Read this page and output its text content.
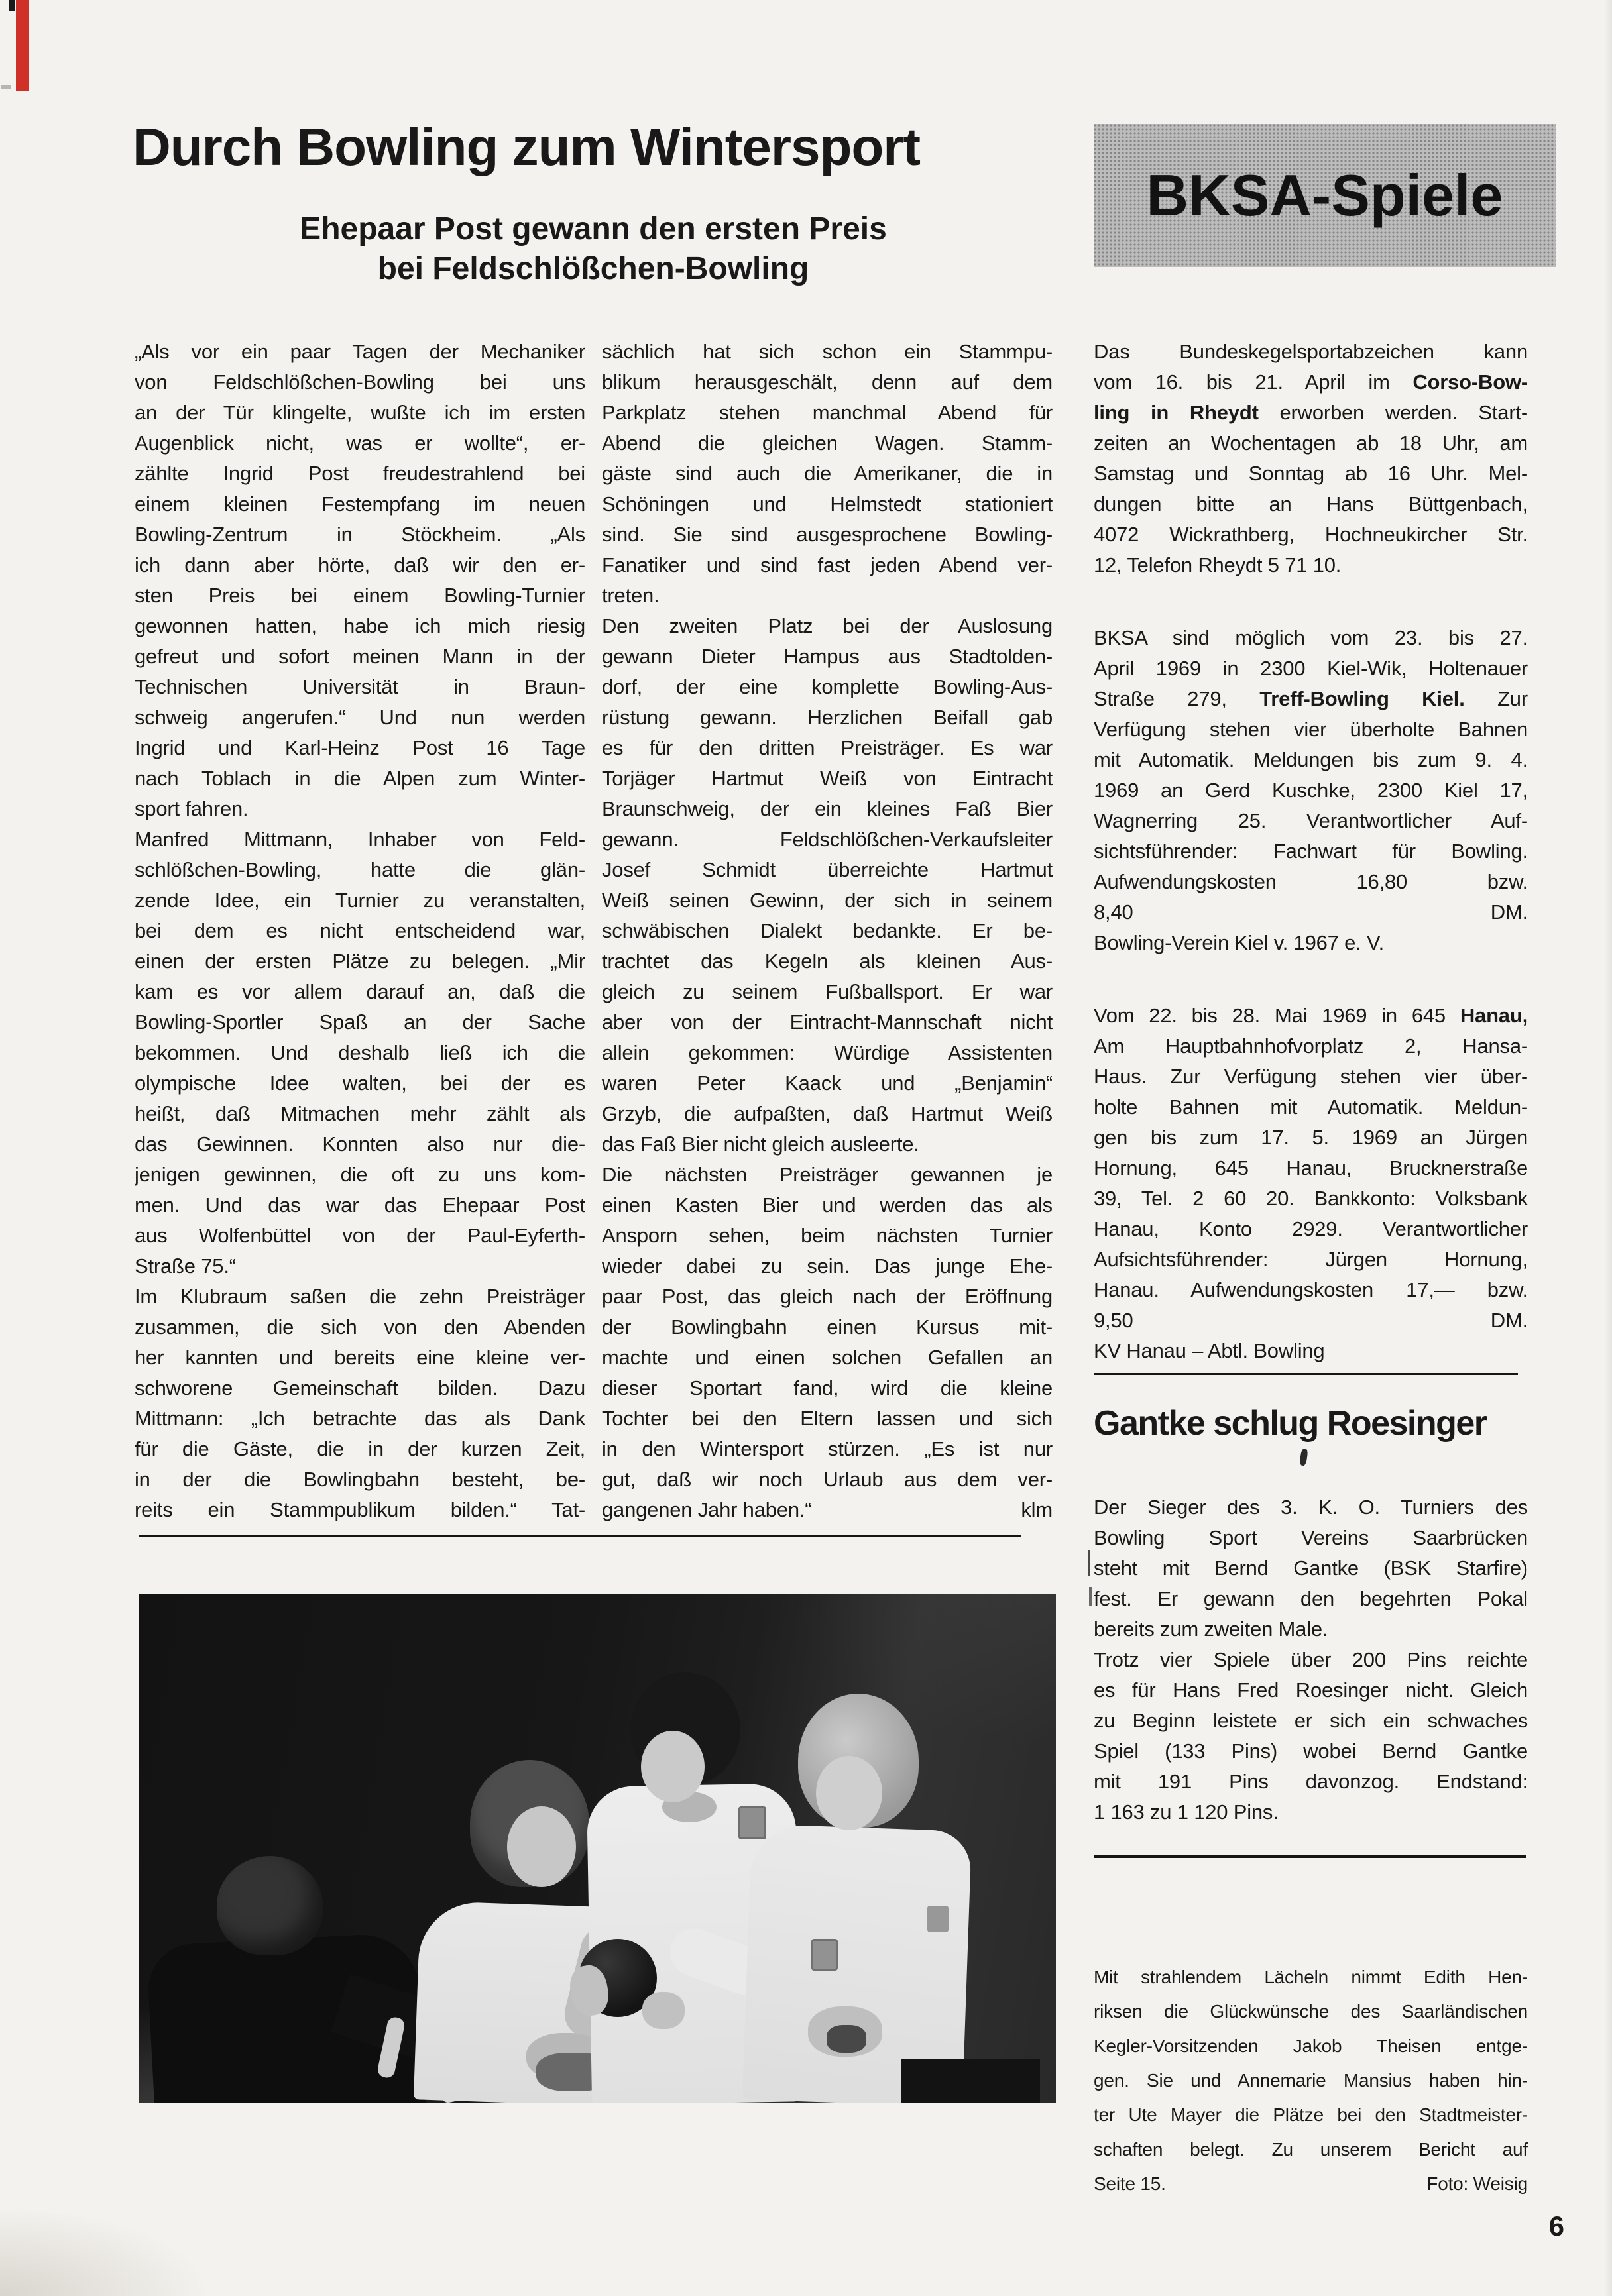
Durch Bowling zum Wintersport
Ehepaar Post gewann den ersten Preis
bei Feldschlößchen-Bowling
BKSA-Spiele
„Als vor ein paar Tagen der Mechaniker
von Feldschlößchen-Bowling bei uns
an der Tür klingelte, wußte ich im ersten
Augenblick nicht, was er wollte“, er-
zählte Ingrid Post freudestrahlend bei
einem kleinen Festempfang im neuen
Bowling-Zentrum in Stöckheim. „Als
ich dann aber hörte, daß wir den er-
sten Preis bei einem Bowling-Turnier
gewonnen hatten, habe ich mich riesig
gefreut und sofort meinen Mann in der
Technischen Universität in Braun-
schweig angerufen.“ Und nun werden
Ingrid und Karl-Heinz Post 16 Tage
nach Toblach in die Alpen zum Winter-
sport fahren.
Manfred Mittmann, Inhaber von Feld-
schlößchen-Bowling, hatte die glän-
zende Idee, ein Turnier zu veranstalten,
bei dem es nicht entscheidend war,
einen der ersten Plätze zu belegen. „Mir
kam es vor allem darauf an, daß die
Bowling-Sportler Spaß an der Sache
bekommen. Und deshalb ließ ich die
olympische Idee walten, bei der es
heißt, daß Mitmachen mehr zählt als
das Gewinnen. Konnten also nur die-
jenigen gewinnen, die oft zu uns kom-
men. Und das war das Ehepaar Post
aus Wolfenbüttel von der Paul-Eyferth-
Straße 75.“
Im Klubraum saßen die zehn Preisträger
zusammen, die sich von den Abenden
her kannten und bereits eine kleine ver-
schworene Gemeinschaft bilden. Dazu
Mittmann: „Ich betrachte das als Dank
für die Gäste, die in der kurzen Zeit,
in der die Bowlingbahn besteht, be-
reits ein Stammpublikum bilden.“ Tat-
sächlich hat sich schon ein Stammpu-
blikum herausgeschält, denn auf dem
Parkplatz stehen manchmal Abend für
Abend die gleichen Wagen. Stamm-
gäste sind auch die Amerikaner, die in
Schöningen und Helmstedt stationiert
sind. Sie sind ausgesprochene Bowling-
Fanatiker und sind fast jeden Abend ver-
treten.
Den zweiten Platz bei der Auslosung
gewann Dieter Hampus aus Stadtolden-
dorf, der eine komplette Bowling-Aus-
rüstung gewann. Herzlichen Beifall gab
es für den dritten Preisträger. Es war
Torjäger Hartmut Weiß von Eintracht
Braunschweig, der ein kleines Faß Bier
gewann. Feldschlößchen-Verkaufsleiter
Josef Schmidt überreichte Hartmut
Weiß seinen Gewinn, der sich in seinem
schwäbischen Dialekt bedankte. Er be-
trachtet das Kegeln als kleinen Aus-
gleich zu seinem Fußballsport. Er war
aber von der Eintracht-Mannschaft nicht
allein gekommen: Würdige Assistenten
waren Peter Kaack und „Benjamin“
Grzyb, die aufpaßten, daß Hartmut Weiß
das Faß Bier nicht gleich ausleerte.
Die nächsten Preisträger gewannen je
einen Kasten Bier und werden das als
Ansporn sehen, beim nächsten Turnier
wieder dabei zu sein. Das junge Ehe-
paar Post, das gleich nach der Eröffnung
der Bowlingbahn einen Kursus mit-
machte und einen solchen Gefallen an
dieser Sportart fand, wird die kleine
Tochter bei den Eltern lassen und sich
in den Wintersport stürzen. „Es ist nur
gut, daß wir noch Urlaub aus dem ver-
gangenen Jahr haben.“	klm
Das Bundeskegelsportabzeichen kann
vom 16. bis 21. April im Corso-Bow-
ling in Rheydt erworben werden. Start-
zeiten an Wochentagen ab 18 Uhr, am
Samstag und Sonntag ab 16 Uhr. Mel-
dungen bitte an Hans Büttgenbach,
4072 Wickrathberg, Hochneukircher Str.
12, Telefon Rheydt 5 71 10.
BKSA sind möglich vom 23. bis 27.
April 1969 in 2300 Kiel-Wik, Holtenauer
Straße 279, Treff-Bowling Kiel. Zur
Verfügung stehen vier überholte Bahnen
mit Automatik. Meldungen bis zum 9. 4.
1969 an Gerd Kuschke, 2300 Kiel 17,
Wagnerring 25. Verantwortlicher Auf-
sichtsführender: Fachwart für Bowling.
Aufwendungskosten 16,80 bzw.
8,40 DM.
Bowling-Verein Kiel v. 1967 e. V.
Vom 22. bis 28. Mai 1969 in 645 Hanau,
Am Hauptbahnhofvorplatz 2, Hansa-
Haus. Zur Verfügung stehen vier über-
holte Bahnen mit Automatik. Meldun-
gen bis zum 17. 5. 1969 an Jürgen
Hornung, 645 Hanau, Brucknerstraße
39, Tel. 2 60 20. Bankkonto: Volksbank
Hanau, Konto 2929. Verantwortlicher
Aufsichtsführender: Jürgen Hornung,
Hanau. Aufwendungskosten 17,— bzw.
9,50 DM.
KV Hanau – Abtl. Bowling
Gantke schlug Roesinger
Der Sieger des 3. K. O. Turniers des
Bowling Sport Vereins Saarbrücken
steht mit Bernd Gantke (BSK Starfire)
fest. Er gewann den begehrten Pokal
bereits zum zweiten Male.
Trotz vier Spiele über 200 Pins reichte
es für Hans Fred Roesinger nicht. Gleich
zu Beginn leistete er sich ein schwaches
Spiel (133 Pins) wobei Bernd Gantke
mit 191 Pins davonzog. Endstand:
1 163 zu 1 120 Pins.
Mit strahlendem Lächeln nimmt Edith Hen-
riksen die Glückwünsche des Saarländischen
Kegler-Vorsitzenden Jakob Theisen entge-
gen. Sie und Annemarie Mansius haben hin-
ter Ute Mayer die Plätze bei den Stadtmeister-
schaften belegt. Zu unserem Bericht auf
Seite 15.	Foto: Weisig
6
